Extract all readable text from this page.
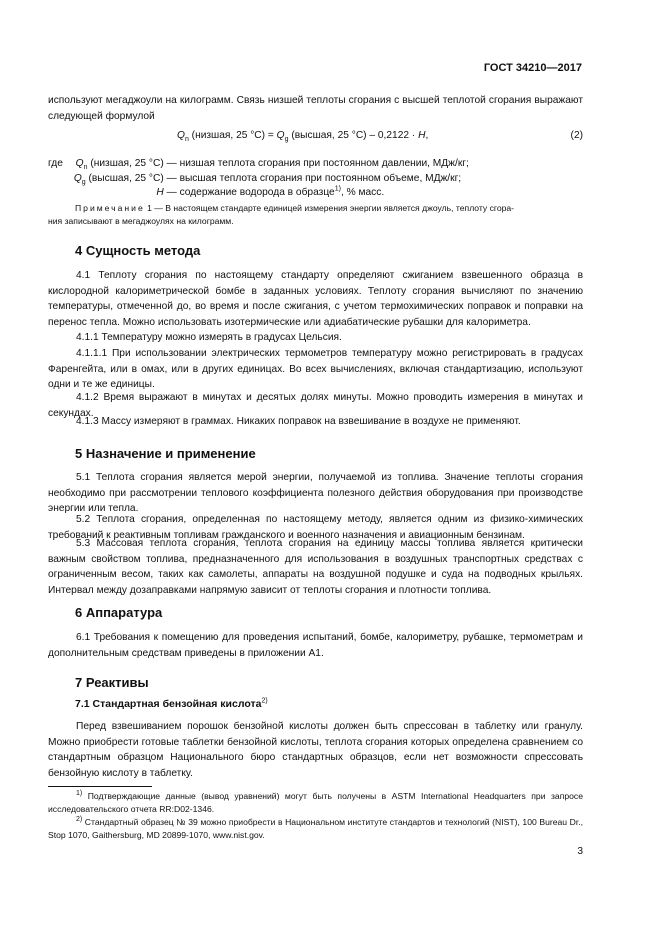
ГОСТ 34210—2017

используют мегаджоули на килограмм. Связь низшей теплоты сгорания с высшей теплотой сгорания выражают следующей формулой

$Q_n$ (низшая, 25 $^\circ С) = Q_g$ (высшая, 25 °С) – 0,2122 · H,	(2)
где $Q_n$ (низшая, 25 °С) — низшая теплота сгорания при постоянном давлении, МДж/кг;
$Q_g$ (высшая, 25 °С) — высшая теплота сгорания при постоянном объеме, МДж/кг;
H — содержание водорода в образце$^{1)}$, % масс.
Примечание 1 — В настоящем стандарте единицей измерения энергии является джоуль, теплоту сгора-
ния записывают в мегаджоулях на килограмм.
4 Сущность метода

4.1 Теплоту сгорания по настоящему стандарту определяют сжиганием взвешенного образца в кислородной калориметрической бомбе в заданных условиях. Теплоту сгорания вычисляют по значению температуры, отмеченной до, во время и после сжигания, с учетом термохимических поправок и поправки на перенос тепла. Можно использовать изотермические или адиабатические рубашки для калориметра.

4.1.1 Температуру можно измерять в градусах Цельсия.

4.1.1.1 При использовании электрических термометров температуру можно регистрировать в градусах Фаренгейта, или в омах, или в других единицах. Во всех вычислениях, включая стандартизацию, используют одни и те же единицы.

4.1.2 Время выражают в минутах и десятых долях минуты. Можно проводить измерения в минутах и секундах.

4.1.3 Массу измеряют в граммах. Никаких поправок на взвешивание в воздухе не применяют.

5 Назначение и применение

5.1 Теплота сгорания является мерой энергии, получаемой из топлива. Значение теплоты сгорания необходимо при рассмотрении теплового коэффициента полезного действия оборудования при производстве энергии или тепла.

5.2 Теплота сгорания, определенная по настоящему методу, является одним из физико-химических требований к реактивным топливам гражданского и военного назначения и авиационным бензинам.

5.3 Массовая теплота сгорания, теплота сгорания на единицу массы топлива является критически важным свойством топлива, предназначенного для использования в воздушных транспортных средствах с ограниченным весом, таких как самолеты, аппараты на воздушной подушке и суда на подводных крыльях. Интервал между дозаправками напрямую зависит от теплоты сгорания и плотности топлива.

6 Аппаратура

6.1 Требования к помещению для проведения испытаний, бомбе, калориметру, рубашке, термометрам и дополнительным средствам приведены в приложении А1.

7 Реактивы
7.1 Стандартная бензойная кислота$^{2)}$

Перед взвешиванием порошок бензойной кислоты должен быть спрессован в таблетку или гранулу. Можно приобрести готовые таблетки бензойной кислоты, теплота сгорания которых определена сравнением со стандартным образцом Национального бюро стандартных образцов, если нет возможности спрессовать бензойную кислоту в таблетку.

$^{1)}$ Подтверждающие данные (вывод уравнений) могут быть получены в ASTM International Headquarters при запросе исследовательского отчета RR:D02-1346.

$^{2)}$ Стандартный образец № 39 можно приобрести в Национальном институте стандартов и технологий (NIST), 100 Bureau Dr., Stop 1070, Gaithersburg, MD 20899-1070, www.nist.gov.

3
